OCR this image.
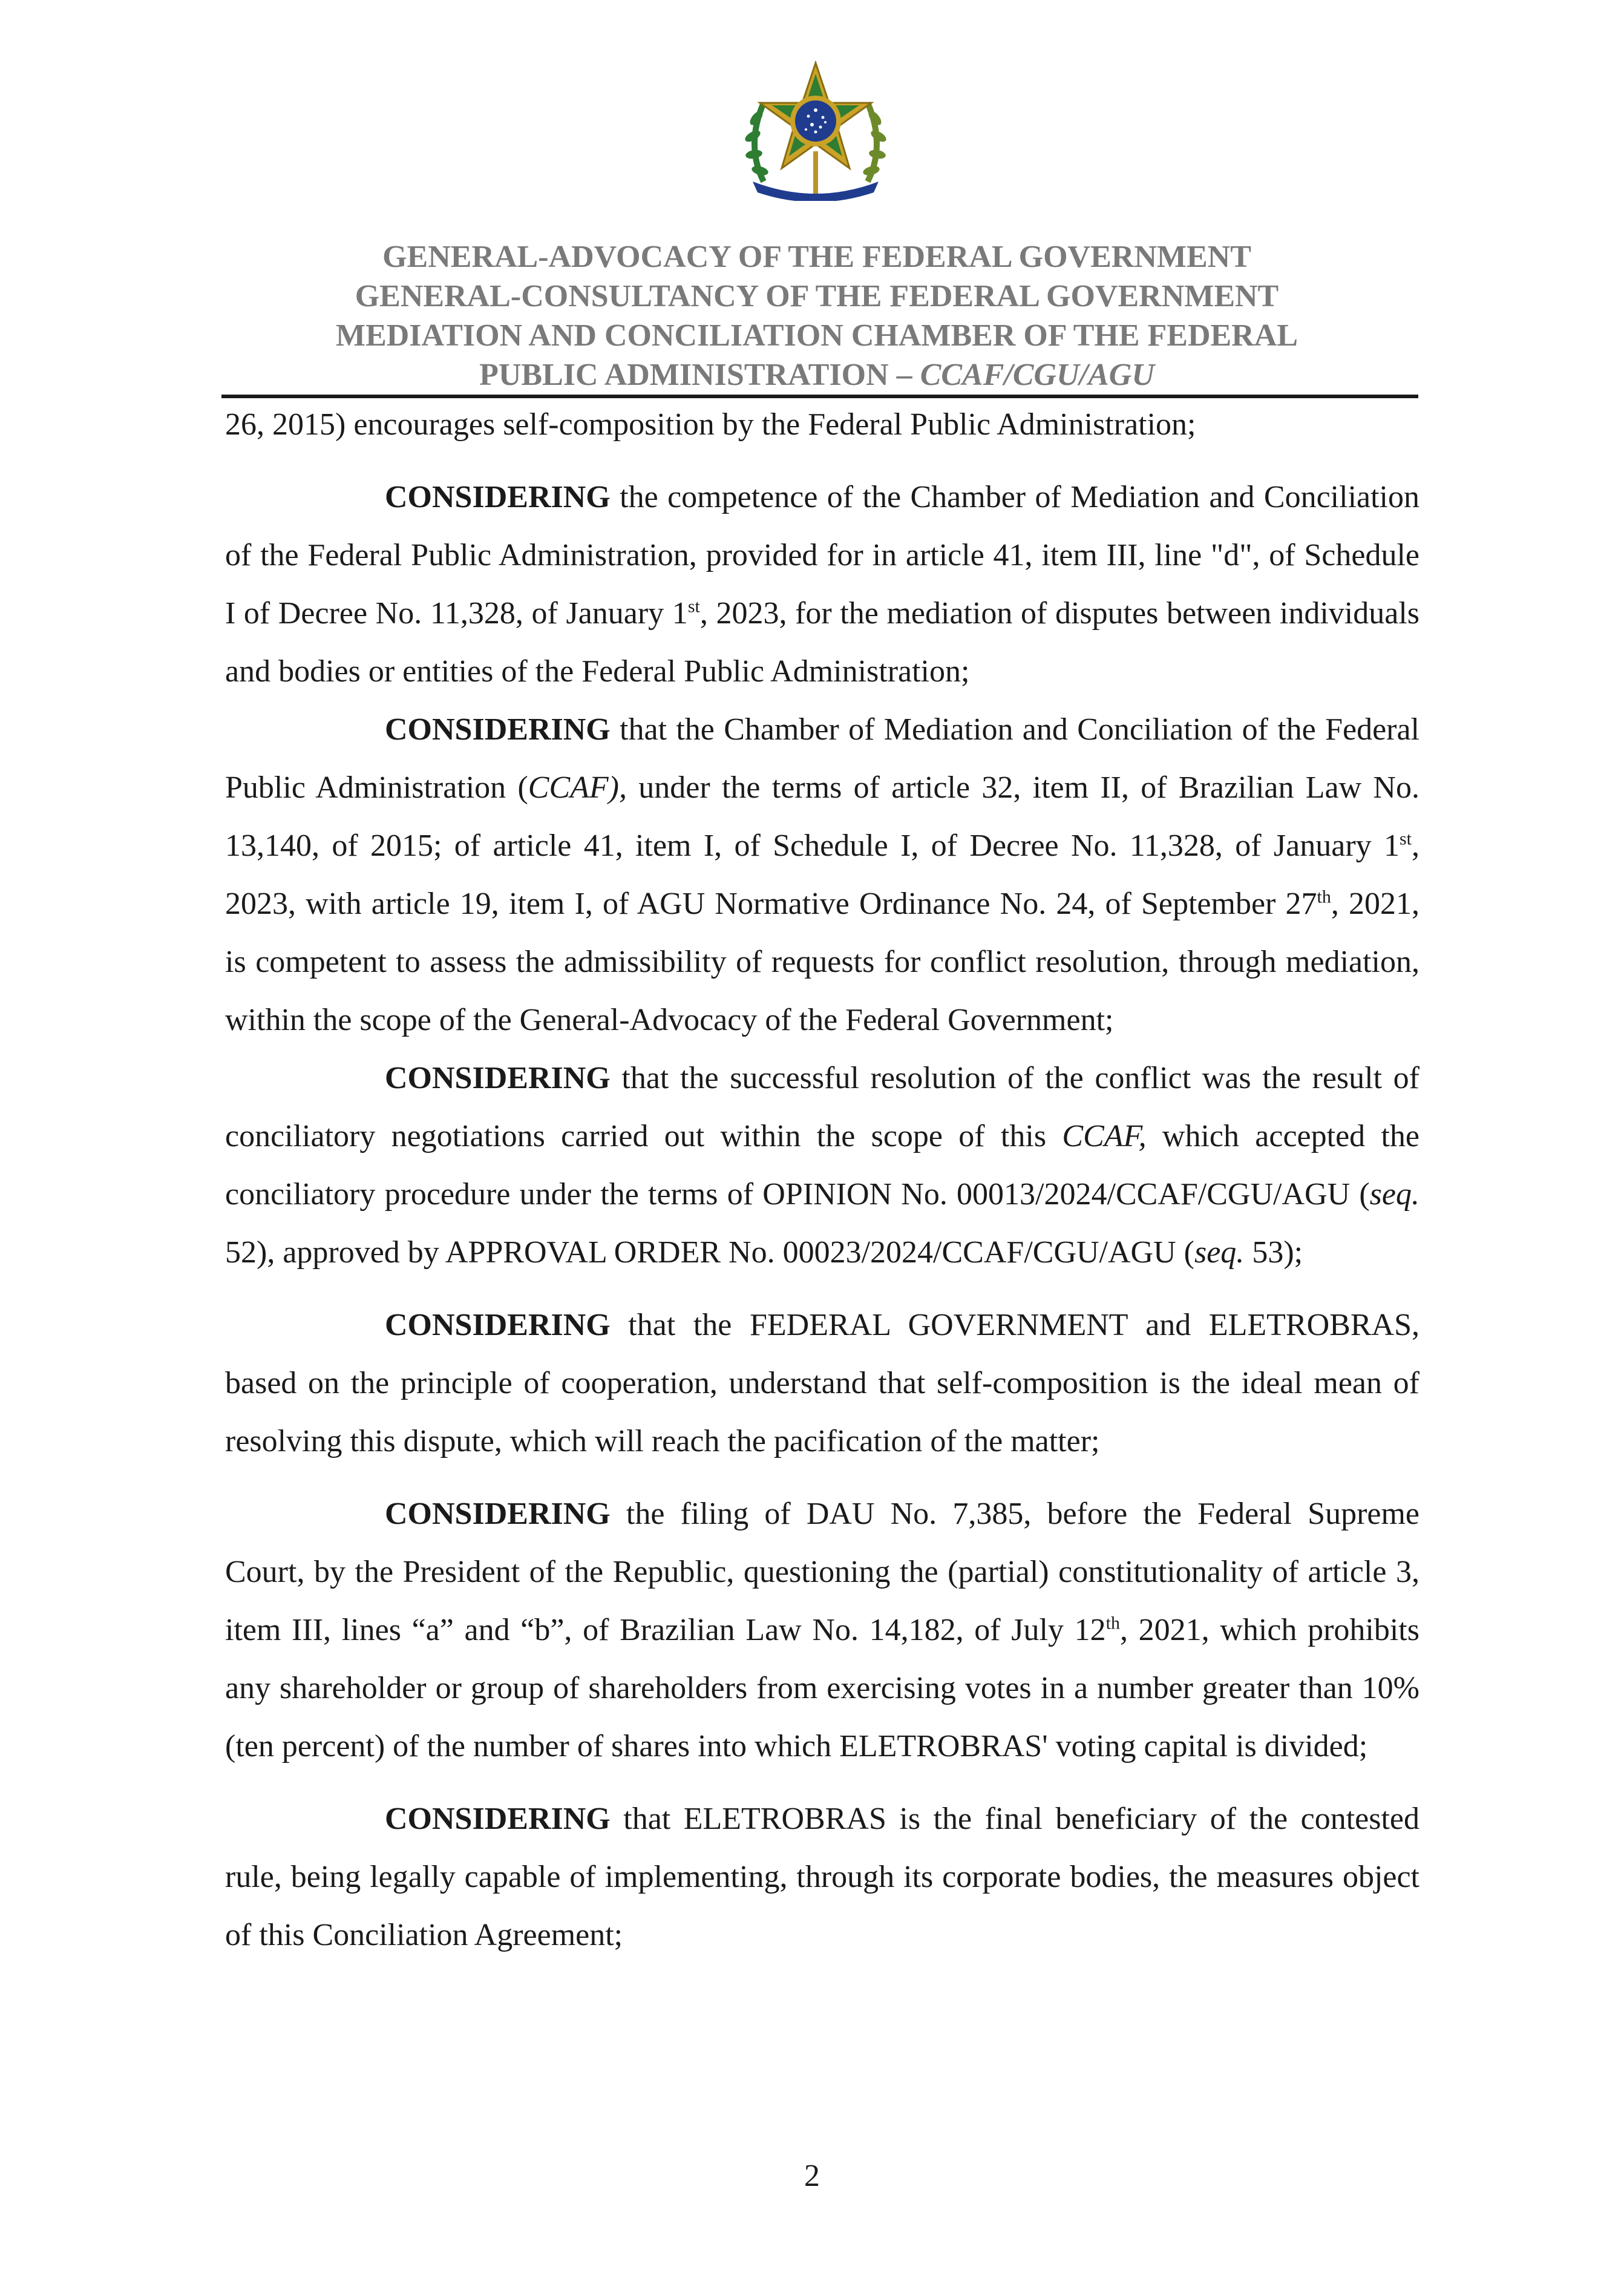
GENERAL-ADVOCACY OF THE FEDERAL GOVERNMENT
GENERAL-CONSULTANCY OF THE FEDERAL GOVERNMENT
MEDIATION AND CONCILIATION CHAMBER OF THE FEDERAL
PUBLIC ADMINISTRATION – CCAF/CGU/AGU

26, 2015) encourages self-composition by the Federal Public Administration;

CONSIDERING the competence of the Chamber of Mediation and Conciliation of the Federal Public Administration, provided for in article 41, item III, line "d", of Schedule I of Decree No. 11,328, of January 1st, 2023, for the mediation of disputes between individuals and bodies or entities of the Federal Public Administration;

CONSIDERING that the Chamber of Mediation and Conciliation of the Federal Public Administration (CCAF), under the terms of article 32, item II, of Brazilian Law No. 13,140, of 2015; of article 41, item I, of Schedule I, of Decree No. 11,328, of January 1st, 2023, with article 19, item I, of AGU Normative Ordinance No. 24, of September 27th, 2021, is competent to assess the admissibility of requests for conflict resolution, through mediation, within the scope of the General-Advocacy of the Federal Government;

CONSIDERING that the successful resolution of the conflict was the result of conciliatory negotiations carried out within the scope of this CCAF, which accepted the conciliatory procedure under the terms of OPINION No. 00013/2024/CCAF/CGU/AGU (seq. 52), approved by APPROVAL ORDER No. 00023/2024/CCAF/CGU/AGU (seq. 53);

CONSIDERING that the FEDERAL GOVERNMENT and ELETROBRAS, based on the principle of cooperation, understand that self-composition is the ideal mean of resolving this dispute, which will reach the pacification of the matter;

CONSIDERING the filing of DAU No. 7,385, before the Federal Supreme Court, by the President of the Republic, questioning the (partial) constitutionality of article 3, item III, lines “a” and “b”, of Brazilian Law No. 14,182, of July 12th, 2021, which prohibits any shareholder or group of shareholders from exercising votes in a number greater than 10% (ten percent) of the number of shares into which ELETROBRAS' voting capital is divided;

CONSIDERING that ELETROBRAS is the final beneficiary of the contested rule, being legally capable of implementing, through its corporate bodies, the measures object of this Conciliation Agreement;

2
